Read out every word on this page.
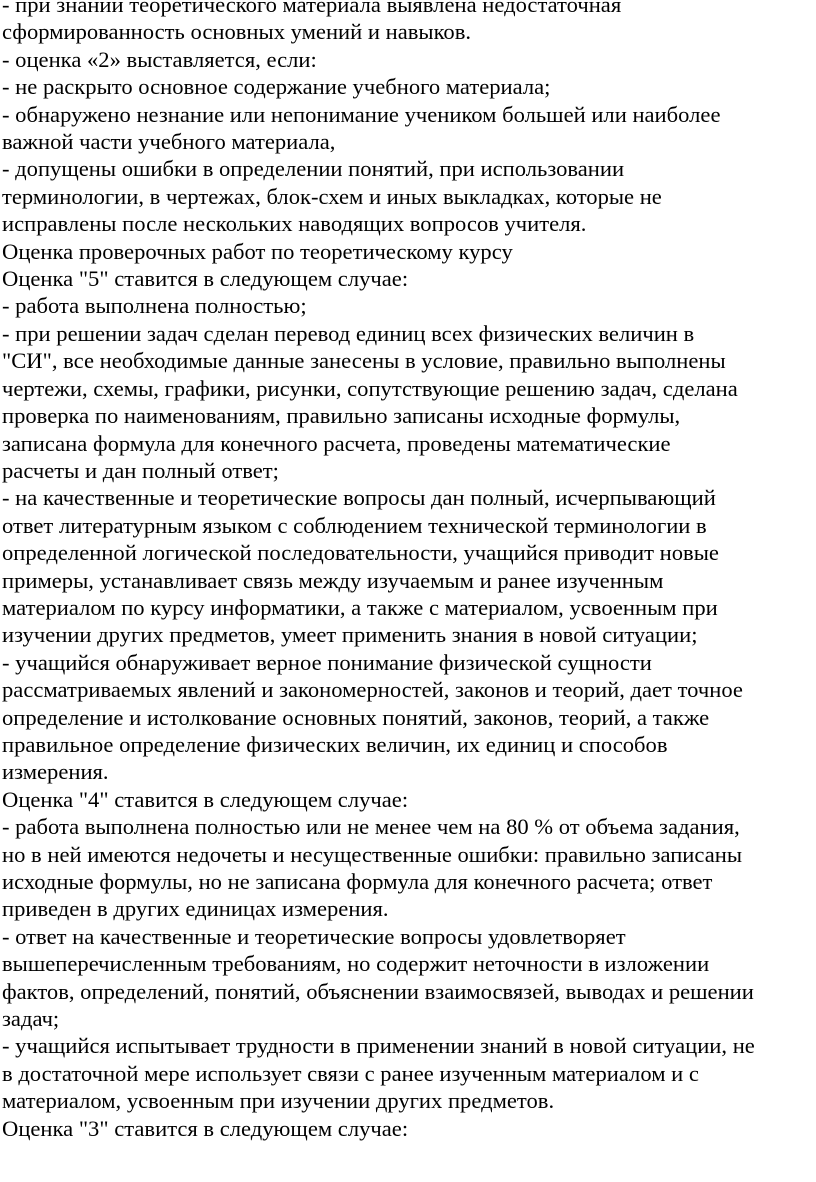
- при знании теоретического материала выявлена недостаточная
сформированность основных умений и навыков.
- оценка «2» выставляется, если:
- не раскрыто основное содержание учебного материала;
- обнаружено незнание или непонимание учеником большей или наиболее
важной части учебного материала,
- допущены ошибки в определении понятий, при использовании
терминологии, в чертежах, блок-схем и иных выкладках, которые не
исправлены после нескольких наводящих вопросов учителя.
Оценка проверочных работ по теоретическому курсу
Оценка "5" ставится в следующем случае:
- работа выполнена полностью;
- при решении задач сделан перевод единиц всех физических величин в
"СИ", все необходимые данные занесены в условие, правильно выполнены
чертежи, схемы, графики, рисунки, сопутствующие решению задач, сделана
проверка по наименованиям, правильно записаны исходные формулы,
записана формула для конечного расчета, проведены математические
расчеты и дан полный ответ;
- на качественные и теоретические вопросы дан полный, исчерпывающий
ответ литературным языком с соблюдением технической терминологии в
определенной логической последовательности, учащийся приводит новые
примеры, устанавливает связь между изучаемым и ранее изученным
материалом по курсу информатики, а также с материалом, усвоенным при
изучении других предметов, умеет применить знания в новой ситуации;
- учащийся обнаруживает верное понимание физической сущности
рассматриваемых явлений и закономерностей, законов и теорий, дает точное
определение и истолкование основных понятий, законов, теорий, а также
правильное определение физических величин, их единиц и способов
измерения.
Оценка "4" ставится в следующем случае:
- работа выполнена полностью или не менее чем на 80 % от объема задания,
но в ней имеются недочеты и несущественные ошибки: правильно записаны
исходные формулы, но не записана формула для конечного расчета; ответ
приведен в других единицах измерения.
- ответ на качественные и теоретические вопросы удовлетворяет
вышеперечисленным требованиям, но содержит неточности в изложении
фактов, определений, понятий, объяснении взаимосвязей, выводах и решении
задач;
- учащийся испытывает трудности в применении знаний в новой ситуации, не
в достаточной мере использует связи с ранее изученным материалом и с
материалом, усвоенным при изучении других предметов.
Оценка "3" ставится в следующем случае:
